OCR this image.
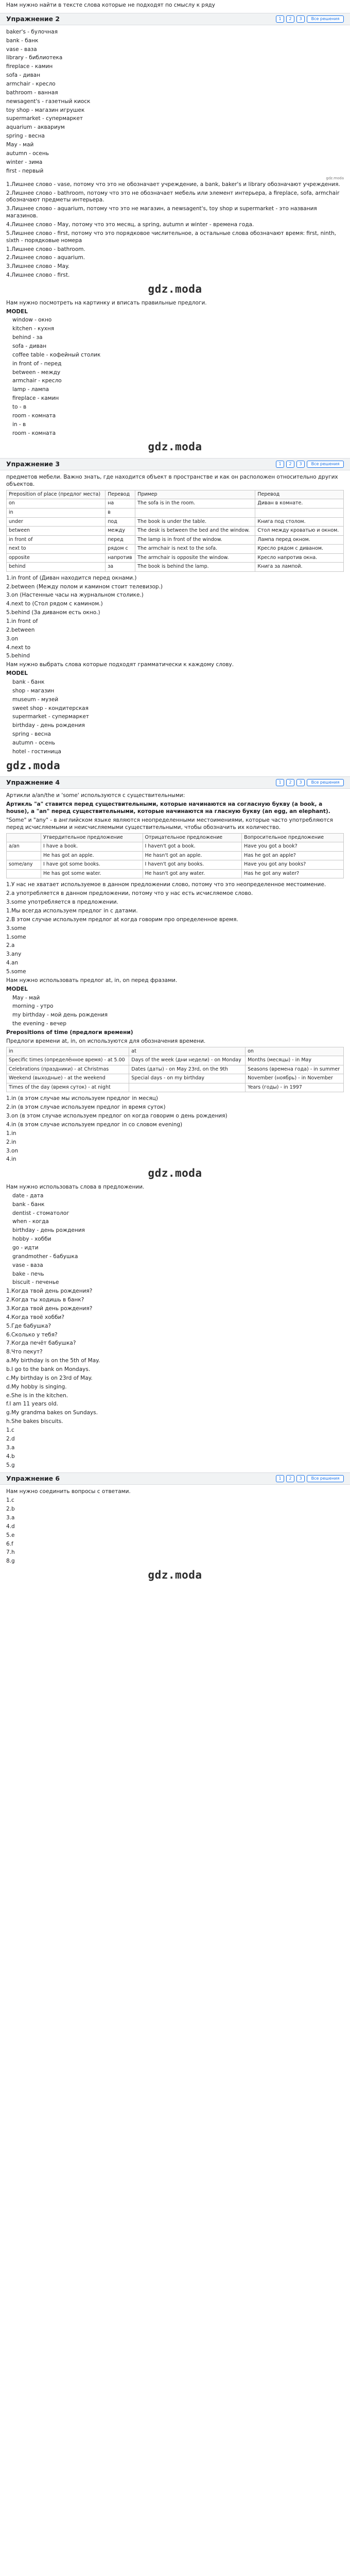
Нам нужно найти в тексте слова которые не подходят по смыслу к ряду
Упражнение 2	1	2	3	Все решения
baker's - булочная
bank - банк
vase - ваза
library - библиотека
fireplace - камин
sofa - диван
armchair - кресло
bathroom - ванная
newsagent's - газетный киоск
toy shop - магазин игрушек
supermarket - супермаркет
aquarium - аквариум
spring - весна
May - май
autumn - осень
winter - зима
first - первый
gdz.moda
1.Лишнее слово - vase, потому что это не обозначает учреждение, а bank, baker's и library обозначают учреждения.
2.Лишнее слово - bathroom, потому что это не обозначает мебель или элемент интерьера, а fireplace, sofa, armchair обозначают предметы интерьера.
3.Лишнее слово - aquarium, потому что это не магазин, а newsagent's, toy shop и supermarket - это названия магазинов.
4.Лишнее слово - May, потому что это месяц, а spring, autumn и winter - времена года.
5.Лишнее слово - first, потому что это порядковое числительное, а остальные слова обозначают время: first, ninth, sixth - порядковые номера
1.Лишнее слово - bathroom.
2.Лишнее слово - aquarium.
3.Лишнее слово - May.
4.Лишнее слово - first.
gdz.moda
Нам нужно посмотреть на картинку и вписать правильные предлоги.
MODEL
window - окно
kitchen - кухня
behind - за
sofa - диван
coffee table - кофейный столик
in front of - перед
between - между
armchair - кресло
lamp - лампа
fireplace - камин
to - в
room - комната
in - в
room - комната
gdz.moda
Упражнение 3	1	2	3	Все решения
предметов мебели. Важно знать, где находится объект в пространстве и как он расположен относительно других объектов.
Preposition of place (предлог места)	Перевод	Пример	Перевод
on	на	The sofa is in the room.	Диван в комнате.
in	в		
under	под	The book is under the table.	Книга под столом.
between	между	The desk is between the bed and the window.	Стол между кроватью и окном.
in front of	перед	The lamp is in front of the window.	Лампа перед окном.
next to	рядом с	The armchair is next to the sofa.	Кресло рядом с диваном.
opposite	напротив	The armchair is opposite the window.	Кресло напротив окна.
behind	за	The book is behind the lamp.	Книга за лампой.
1.in front of (Диван находится перед окнами.)
2.between (Между полом и камином стоит телевизор.)
3.on (Настенные часы на журнальном столике.)
4.next to (Стол рядом с камином.)
5.behind (За диваном есть окно.)
1.in front of
2.between
3.on
4.next to
5.behind
Нам нужно выбрать слова которые подходят грамматически к каждому слову.
MODEL
bank - банк
shop - магазин
museum - музей
sweet shop - кондитерская
supermarket - супермаркет
birthday - день рождения
spring - весна
autumn - осень
hotel - гостиница
gdz.moda
Упражнение 4	1	2	3	Все решения
Артикли a/an/the и 'some' используются с существительными:
Артикль "a" ставится перед существительными, которые начинаются на согласную букву (a book, a house), а "an" перед существительными, которые начинаются на гласную букву (an egg, an elephant).
"Some" и "any" - в английском языке являются неопределенными местоимениями, которые часто употребляются перед исчисляемыми и неисчисляемыми существительными, чтобы обозначить их количество.
	Утвердительное предложение	Отрицательное предложение	Вопросительное предложение
a/an	I have a book.	I haven't got a book.	Have you got a book?
	He has got an apple.	He hasn't got an apple.	Has he got an apple?
some/any	I have got some books.	I haven't got any books.	Have you got any books?
	He has got some water.	He hasn't got any water.	Has he got any water?
1.У нас не хватает используемое в данном предложении слово, потому что это неопределенное местоимение.
2.a употребляется в данном предложении, потому что у нас есть исчисляемое слово.
3.some употребляется в предложении.
1.Мы всегда используем предлог in с датами.
2.В этом случае используем предлог at когда говорим про определенное время.
3.some
1.some
2.a
3.any
4.an
5.some
Нам нужно использовать предлог at, in, on перед фразами.
MODEL
May - май
morning - утро
my birthday - мой день рождения
the evening - вечер
Prepositions of time (предлоги времени)
Предлоги времени at, in, on используются для обозначения времени.
in	at	on
Specific times (определённое время) - at 5.00	Days of the week (дни недели) - on Monday	Months (месяцы) - in May
Celebrations (праздники) - at Christmas	Dates (даты) - on May 23rd, on the 9th	Seasons (времена года) - in summer
Weekend (выходные) - at the weekend	Special days - on my birthday	November (ноябрь) - in November
Times of the day (время суток) - at night		Years (годы) - in 1997
1.in (в этом случае мы используем предлог in месяц)
2.in (в этом случае используем предлог in время суток)
3.on (в этом случае используем предлог on когда говорим о день рождения)
4.in (в этом случае используем предлог in со словом evening)
1.in
2.in
3.on
4.in
gdz.moda
Нам нужно использовать слова в предложении.
date - дата
bank - банк
dentist - стоматолог
when - когда
birthday - день рождения
hobby - хобби
go - идти
grandmother - бабушка
vase - ваза
bake - печь
biscuit - печенье
1.Когда твой день рождения?
2.Когда ты ходишь в банк?
3.Когда твой день рождения?
4.Когда твоё хобби?
5.Где бабушка?
6.Сколько у тебя?
7.Когда печёт бабушка?
8.Что пекут?
a.My birthday is on the 5th of May.
b.I go to the bank on Mondays.
c.My birthday is on 23rd of May.
d.My hobby is singing.
e.She is in the kitchen.
f.I am 11 years old.
g.My grandma bakes on Sundays.
h.She bakes biscuits.
1.c
2.d
3.a
4.b
5.g
Упражнение 6	1	2	3	Все решения
Нам нужно соединить вопросы с ответами.
1.c
2.b
3.a
4.d
5.e
6.f
7.h
8.g
gdz.moda
